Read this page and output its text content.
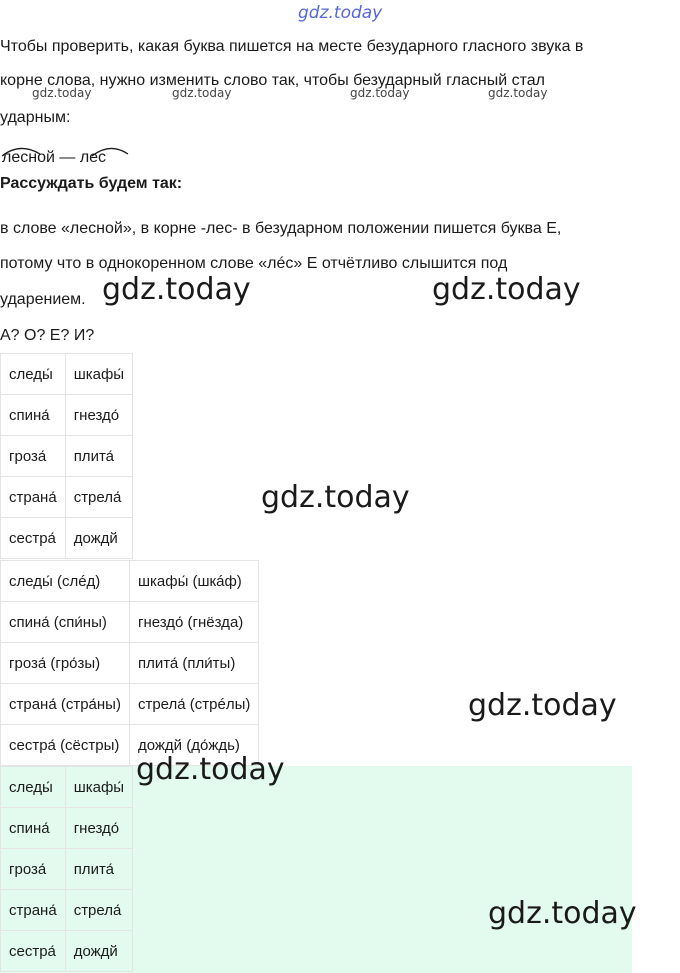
gdz.today
gdz.today	gdz.today	gdz.today	gdz.today
Чтобы проверить, какая буква пишется на месте безударного гласного звука в
корне слова, нужно изменить слово так, чтобы безударный гласный стал
ударным:
лесной — лес
Рассуждать будем так:
в слове «лесной», в корне -лес- в безударном положении пишется буква Е,
потому что в однокоренном слове «лéс» Е отчётливо слышится под
ударением. gdz.today	gdz.today
А? О? Е? И?
следы́	шкафы́
спина́	гнездо́
гроза́	плита́
страна́	стрела́
сестра́	дождй
gdz.today
следы́ (слéд)	шкафы́ (шкáф)
спина́ (спи́ны)	гнездо́ (гнёзда)
гроза́ (гро́зы)	плита́ (пли́ты)
страна́ (стра́ны)	стрела́ (стрéлы)
сестра́ (сёстры)	дождй (до́ждь)
gdz.today
следы́	шкафы́
спина́	гнездо́
гроза́	плита́
страна́	стрела́
сестра́	дождй
gdz.today
gdz.today
